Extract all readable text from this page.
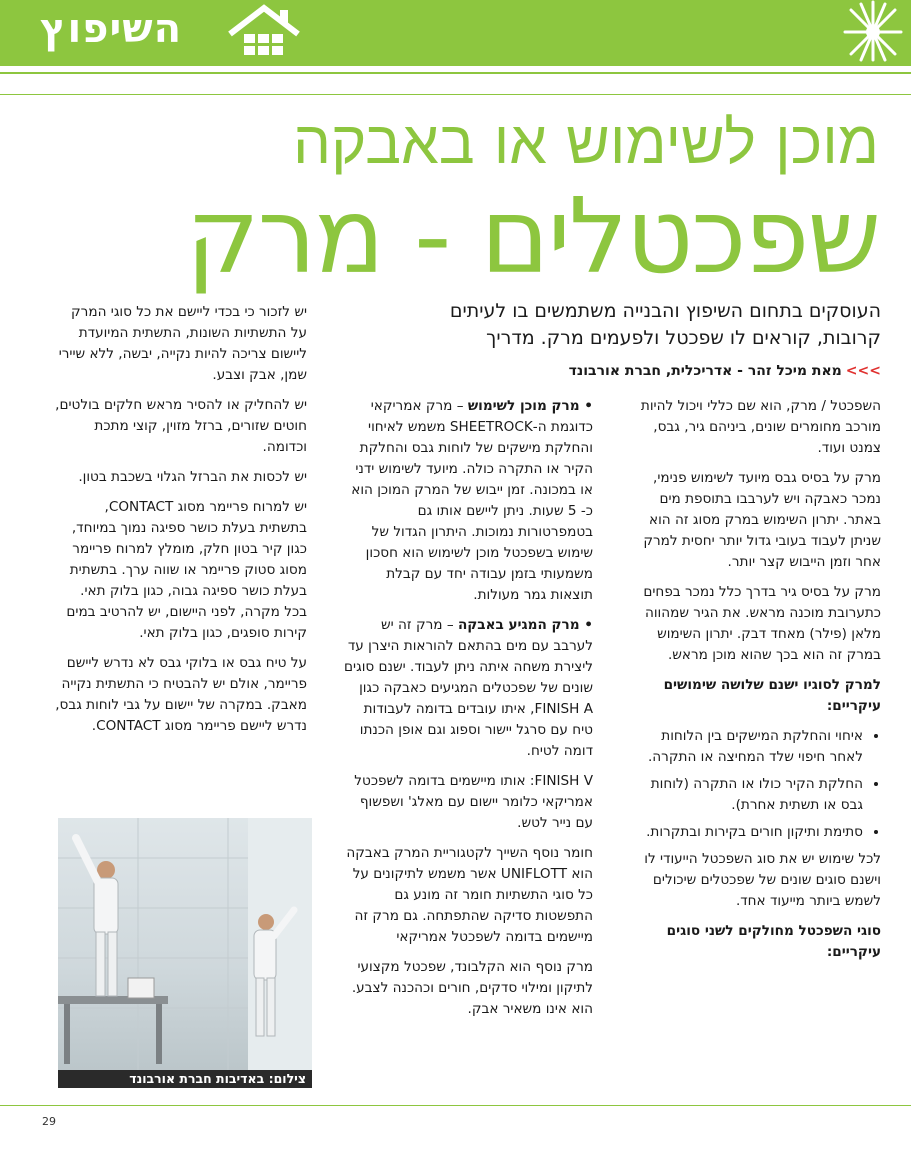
השיפוץ
מוכן לשימוש או באבקה
שפכטלים - מרק
העוסקים בתחום השיפוץ והבנייה משתמשים בו לעיתים קרובות, קוראים לו שפכטל ולפעמים מרק. מדריך
>>>מאת מיכל זהר - אדריכלית, חברת אורבונד

השפכטל / מרק, הוא שם כללי ויכול להיות מורכב מחומרים שונים, ביניהם גיר, גבס, צמנט ועוד.

מרק על בסיס גבס מיועד לשימוש פנימי, נמכר כאבקה ויש לערבבו בתוספת מים באתר. יתרון השימוש במרק מסוג זה הוא שניתן לעבוד בעובי גדול יותר יחסית למרק אחר וזמן הייבוש קצר יותר.

מרק על בסיס גיר בדרך כלל נמכר בפחים כתערובת מוכנה מראש. את הגיר שמהווה מלאן (פילר) מאחד דבק. יתרון השימוש במרק זה הוא בכך שהוא מוכן מראש.

למרק לסוגיו ישנם שלושה שימושים עיקריים:

• איחוי והחלקת המישקים בין הלוחות לאחר חיפוי שלד המחיצה או התקרה.
• החלקת הקיר כולו או התקרה (לוחות גבס או תשתית אחרת).
• סתימת ותיקון חורים בקירות ובתקרות.

לכל שימוש יש את סוג השפכטל הייעודי לו וישנם סוגים שונים של שפכטלים שיכולים לשמש ביותר מייעוד אחד.

סוגי השפכטל מחולקים לשני סוגים עיקריים:

• מרק מוכן לשימוש – מרק אמריקאי כדוגמת ה-SHEETROCK משמש לאיחוי והחלקת מישקים של לוחות גבס והחלקת הקיר או התקרה כולה. מיועד לשימוש ידני או במכונה. זמן ייבוש של המרק המוכן הוא כ- 5 שעות. ניתן ליישם אותו גם בטמפרטורות נמוכות. היתרון הגדול של שימוש בשפכטל מוכן לשימוש הוא חסכון משמעותי בזמן עבודה יחד עם קבלת תוצאות גמר מעולות.

• מרק המגיע באבקה – מרק זה יש לערבב עם מים בהתאם להוראות היצרן עד ליצירת משחה איתה ניתן לעבוד. ישנם סוגים שונים של שפכטלים המגיעים כאבקה כגון FINISH A, איתו עובדים בדומה לעבודות טיח עם סרגל יישור וספוג וגם אופן הכנתו דומה לטיח.

FINISH V: אותו מיישמים בדומה לשפכטל אמריקאי כלומר יישום עם מאלג' ושפשוף עם נייר לטש.

חומר נוסף השייך לקטגוריית המרק באבקה הוא UNIFLOTT אשר משמש לתיקונים על כל סוגי התשתיות חומר זה מונע גם התפשטות סדיקה שהתפתחה. גם מרק זה מיישמים בדומה לשפכטל אמריקאי

מרק נוסף הוא הקלבונד, שפכטל מקצועי לתיקון ומילוי סדקים, חורים וכהכנה לצבע. הוא אינו משאיר אבק.

יש לזכור כי בכדי ליישם את כל סוגי המרק על התשתיות השונות, התשתית המיועדת ליישום צריכה להיות נקייה, יבשה, ללא שיירי שמן, אבק וצבע.

יש להחליק או להסיר מראש חלקים בולטים, חוטים שזורים, ברזל מזוין, קוצי מתכת וכדומה.

יש לכסות את הברזל הגלוי בשכבת בטון.

יש למרוח פריימר מסוג CONTACT, בתשתית בעלת כושר ספיגה נמוך במיוחד, כגון קיר בטון חלק, מומלץ למרוח פריימר מסוג סטוק פריימר או שווה ערך. בתשתית בעלת כושר ספיגה גבוה, כגון בלוק תאי. בכל מקרה, לפני היישום, יש להרטיב במים קירות סופגים, כגון בלוק תאי.

על טיח גבס או בלוקי גבס לא נדרש ליישם פריימר, אולם יש להבטיח כי התשתית נקייה מאבק. במקרה של יישום על גבי לוחות גבס, נדרש ליישם פריימר מסוג CONTACT.

צילום: באדיבות חברת אורבונד
29
